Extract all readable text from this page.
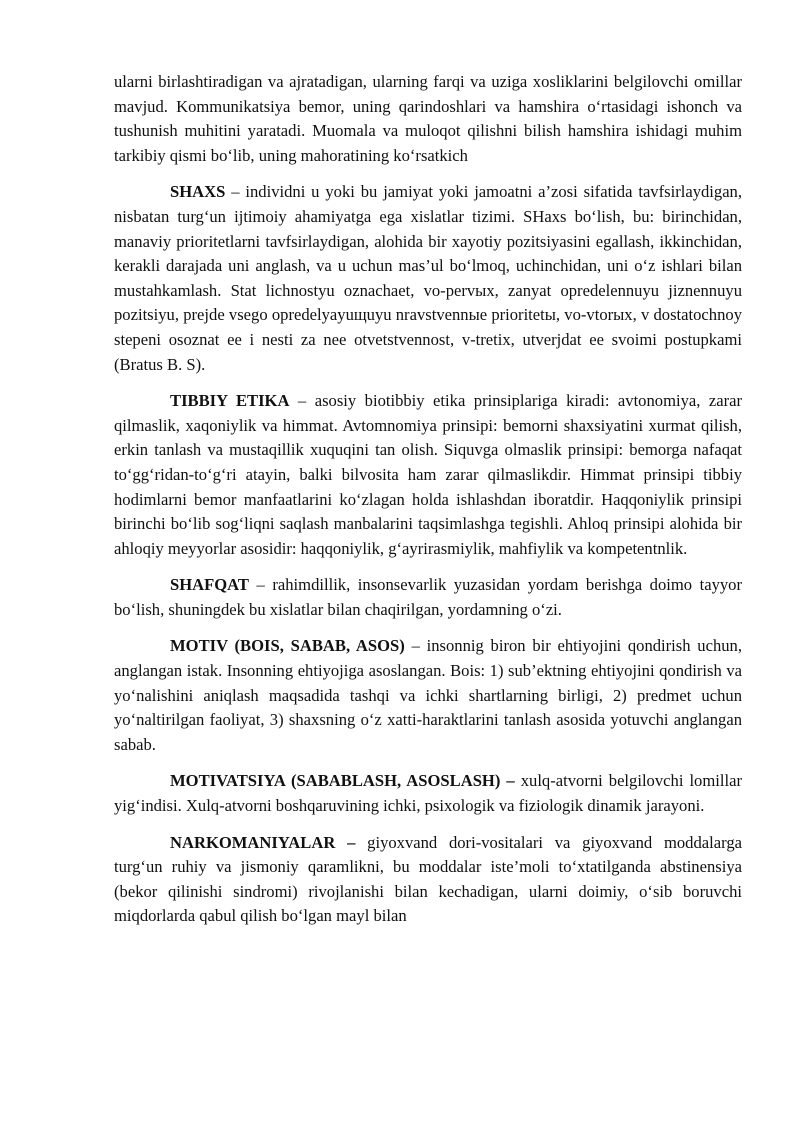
ularni birlashtiradigan va ajratadigan, ularning farqi va uziga xosliklarini belgilovchi omillar mavjud. Kommunikatsiya bemor, uning qarindoshlari va hamshira o‘rtasidagi ishonch va tushunish muhitini yaratadi. Muomala va muloqot qilishni bilish hamshira ishidagi muhim tarkibiy qismi bo‘lib, uning mahoratining ko‘rsatkich

SHAXS – individni u yoki bu jamiyat yoki jamoatni a’zosi sifatida tavfsirlaydigan, nisbatan turg‘un ijtimoiy ahamiyatga ega xislatlar tizimi. SHaxs bo‘lish, bu: birinchidan, manaviy prioritetlarni tavfsirlaydigan, alohida bir xayotiy pozitsiyasini egallash, ikkinchidan, kerakli darajada uni anglash, va u uchun mas’ul bo‘lmoq, uchinchidan, uni o‘z ishlari bilan mustahkamlash. Stat lichnostyu oznachaet, vo-рervых, zanyat opredelennuyu jiznennuyu pozitsiyu, prejde vsego opredelyayuщuyu nravstvennыe prioritetы, vo-vtorых, v dostatochnoy stepeni osoznat ee i nesti za nee otvetstvennost, v-tretix, utverjdat ee svoimi postupkami (Bratus B. S).

TIBBIY ETIKA – asosiy biotibbiy etika prinsiplariga kiradi: avtonomiya, zarar qilmaslik, xaqoniylik va himmat. Avtomnomiya prinsipi: bemorni shaxsiyatini xurmat qilish, erkin tanlash va mustaqillik xuquqini tan olish. Siquvga olmaslik prinsipi: bemorga nafaqat to‘gg‘ridan-to‘g‘ri atayin, balki bilvosita ham zarar qilmaslikdir. Himmat prinsipi tibbiy hodimlarni bemor manfaatlarini ko‘zlagan holda ishlashdan iboratdir. Haqqoniylik prinsipi birinchi bo‘lib sog‘liqni saqlash manbalarini taqsimlashga tegishli. Ahloq prinsipi alohida bir ahloqiy meyyorlar asosidir: haqqoniylik, g‘ayrirasmiylik, mahfiylik va kompetentnlik.

SHAFQAT – rahimdillik, insonsevarlik yuzasidan yordam berishga doimo tayyor bo‘lish, shuningdek bu xislatlar bilan chaqirilgan, yordamning o‘zi.

MOTIV (BOIS, SABAB, ASOS) – insonnig biron bir ehtiyojini qondirish uchun, anglangan istak. Insonning ehtiyojiga asoslangan. Bois: 1) sub’ektning ehtiyojini qondirish va yo‘nalishini aniqlash maqsadida tashqi va ichki shartlarning birligi, 2) predmet uchun yo‘naltirilgan faoliyat, 3) shaxsning o‘z xatti-haraktlarini tanlash asosida yotuvchi anglangan sabab.

MOTIVATSIYA (SABABLASH, ASOSLASH) – xulq-atvorni belgilovchi lomillar yig‘indisi. Xulq-atvorni boshqaruvining ichki, psixologik va fiziologik dinamik jarayoni.

NARKOMANIYALAR – giyoxvand dori-vositalari va giyoxvand moddalarga turg‘un ruhiy va jismoniy qaramlikni, bu moddalar iste’moli to‘xtatilganda abstinensiya (bekor qilinishi sindromi) rivojlanishi bilan kechadigan, ularni doimiy, o‘sib boruvchi miqdorlarda qabul qilish bo‘lgan mayl bilan
